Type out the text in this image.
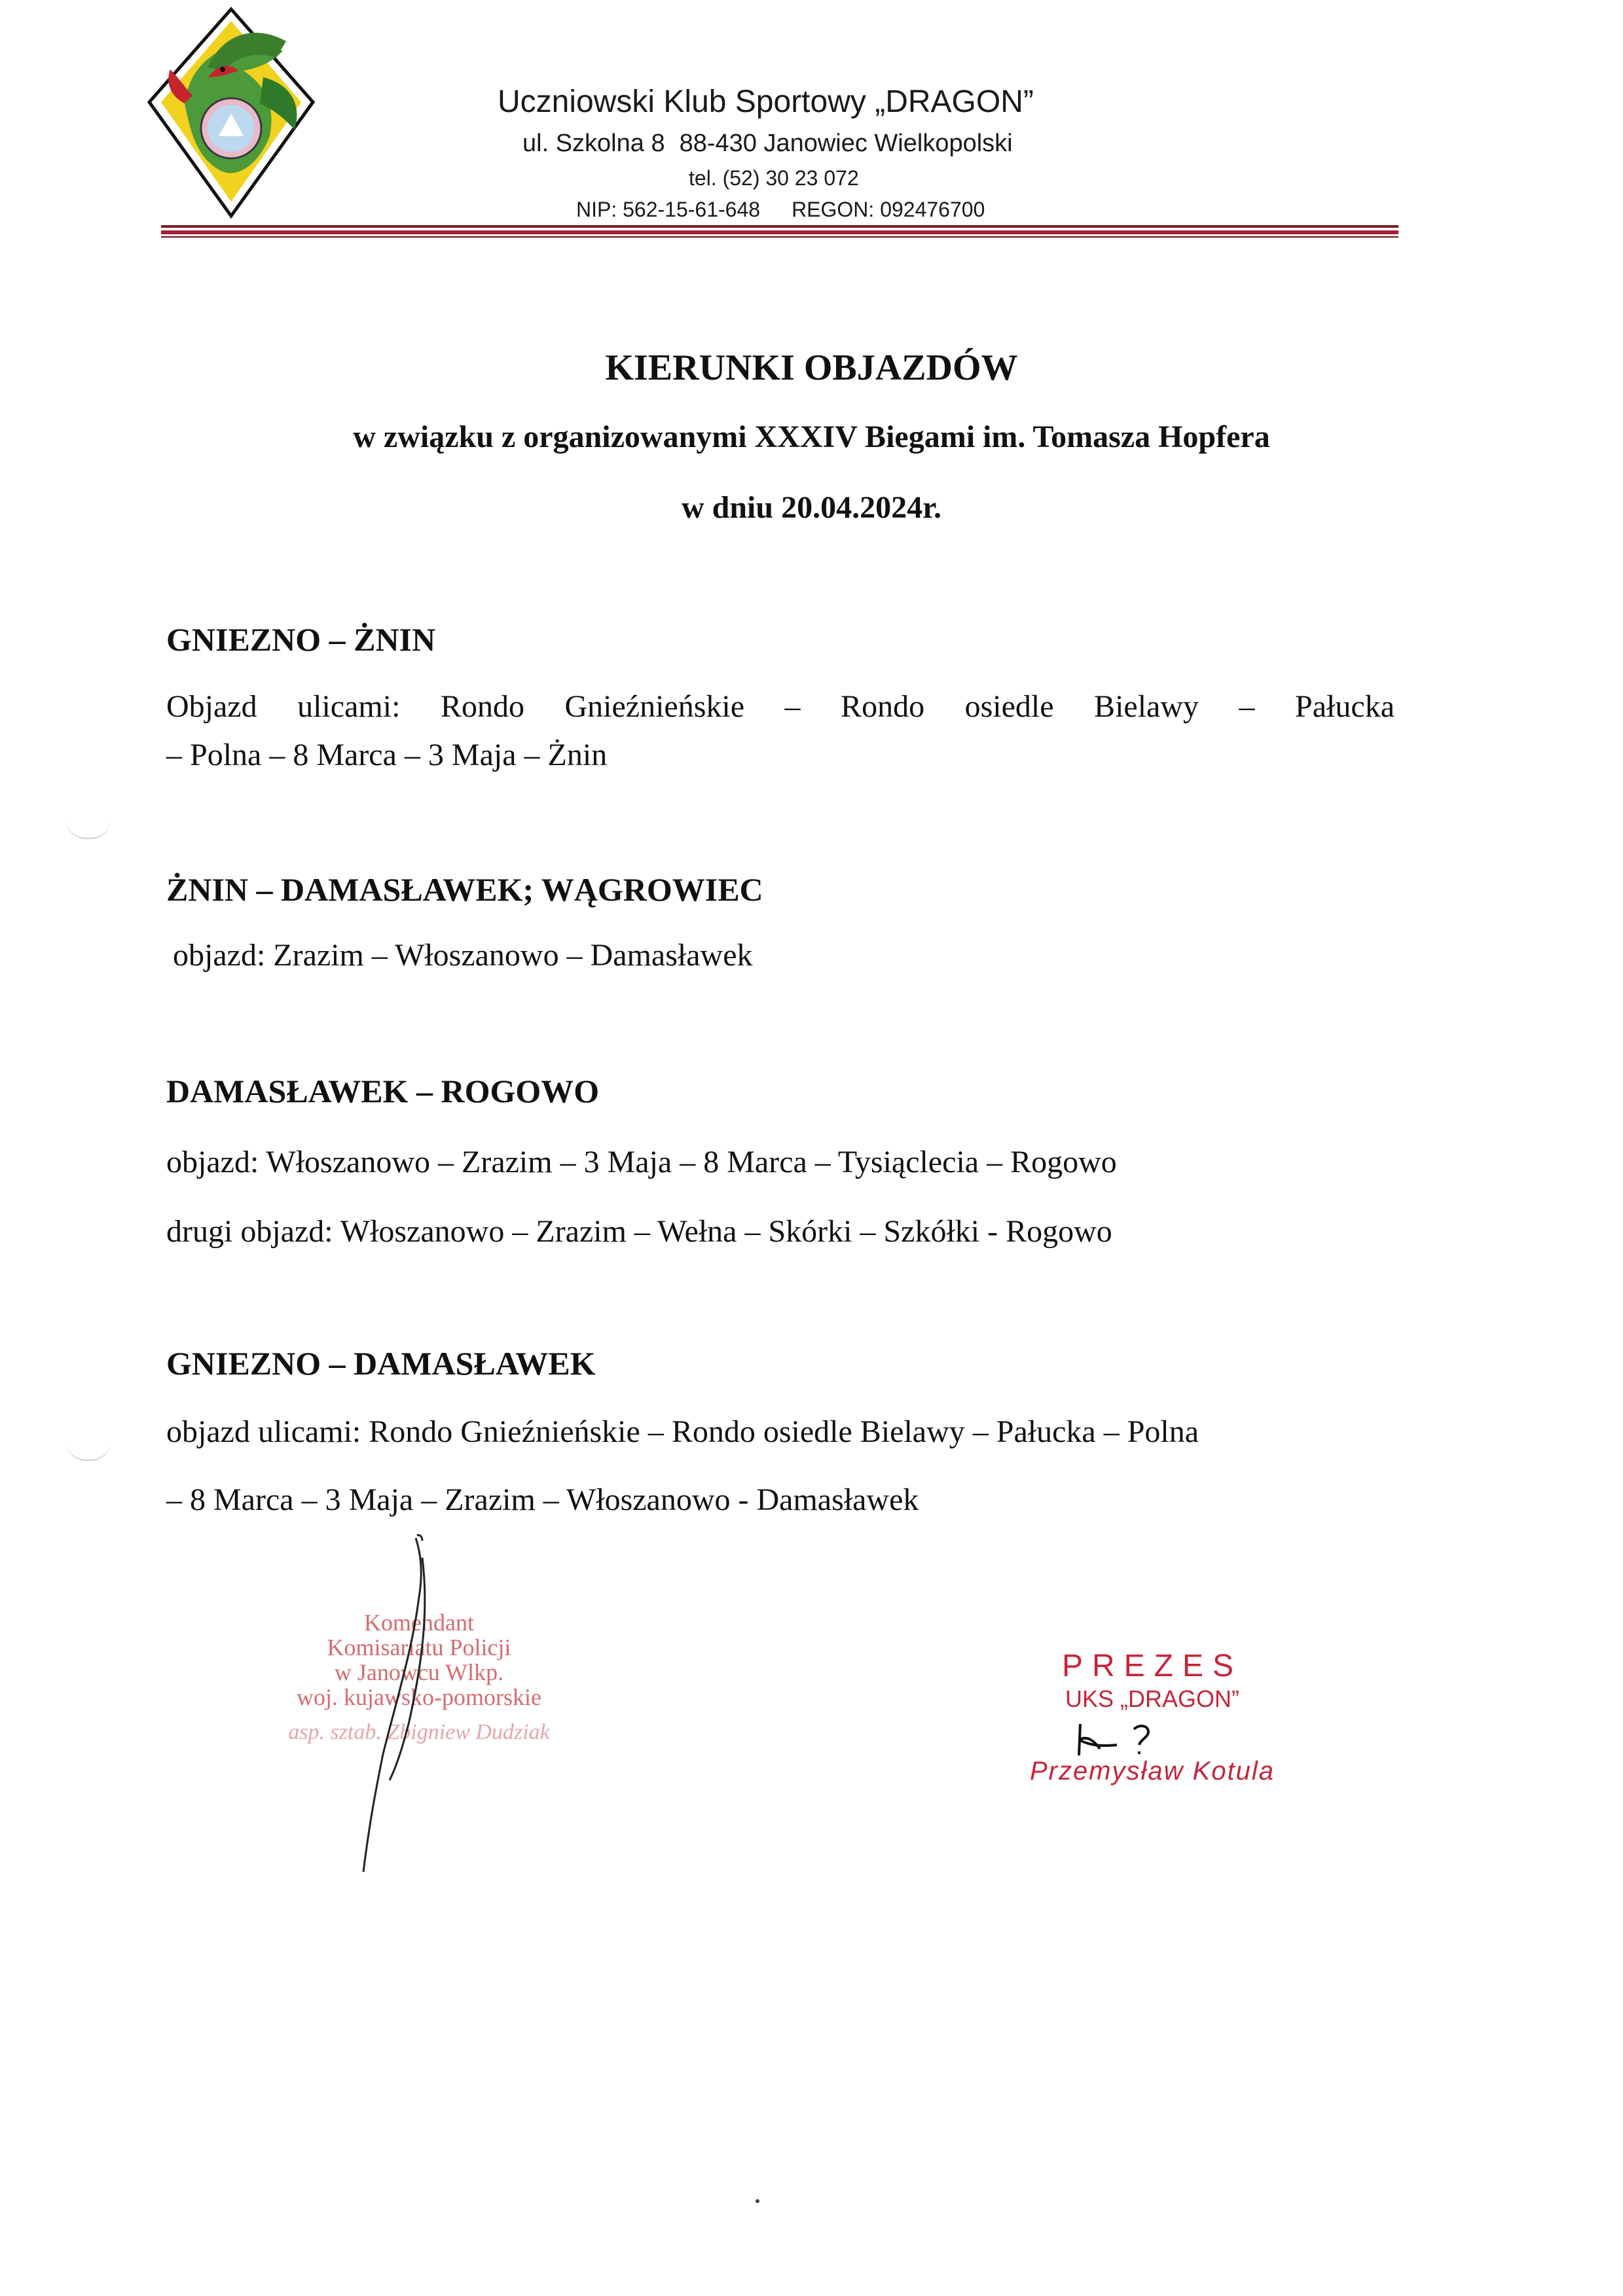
Uczniowski Klub Sportowy „DRAGON”
ul. Szkolna 8 88-430 Janowiec Wielkopolski
tel. (52) 30 23 072
NIP: 562-15-61-648 REGON: 092476700
KIERUNKI OBJAZDÓW
w związku z organizowanymi XXXIV Biegami im. Tomasza Hopfera
w dniu 20.04.2024r.
GNIEZNO – ŻNIN
Objazd ulicami: Rondo Gnieźnieńskie – Rondo osiedle Bielawy – Pałucka
– Polna – 8 Marca – 3 Maja – Żnin
ŻNIN – DAMASŁAWEK; WĄGROWIEC
objazd: Zrazim – Włoszanowo – Damasławek
DAMASŁAWEK – ROGOWO
objazd: Włoszanowo – Zrazim – 3 Maja – 8 Marca – Tysiąclecia – Rogowo
drugi objazd: Włoszanowo – Zrazim – Wełna – Skórki – Szkółki - Rogowo
GNIEZNO – DAMASŁAWEK
objazd ulicami: Rondo Gnieźnieńskie – Rondo osiedle Bielawy – Pałucka – Polna
– 8 Marca – 3 Maja – Zrazim – Włoszanowo - Damasławek
Komendant
Komisariatu Policji
w Janowcu Wlkp.
woj. kujawsko-pomorskie
asp. sztab. Zbigniew Dudziak
PREZES
UKS „DRAGON”
Przemysław Kotula
